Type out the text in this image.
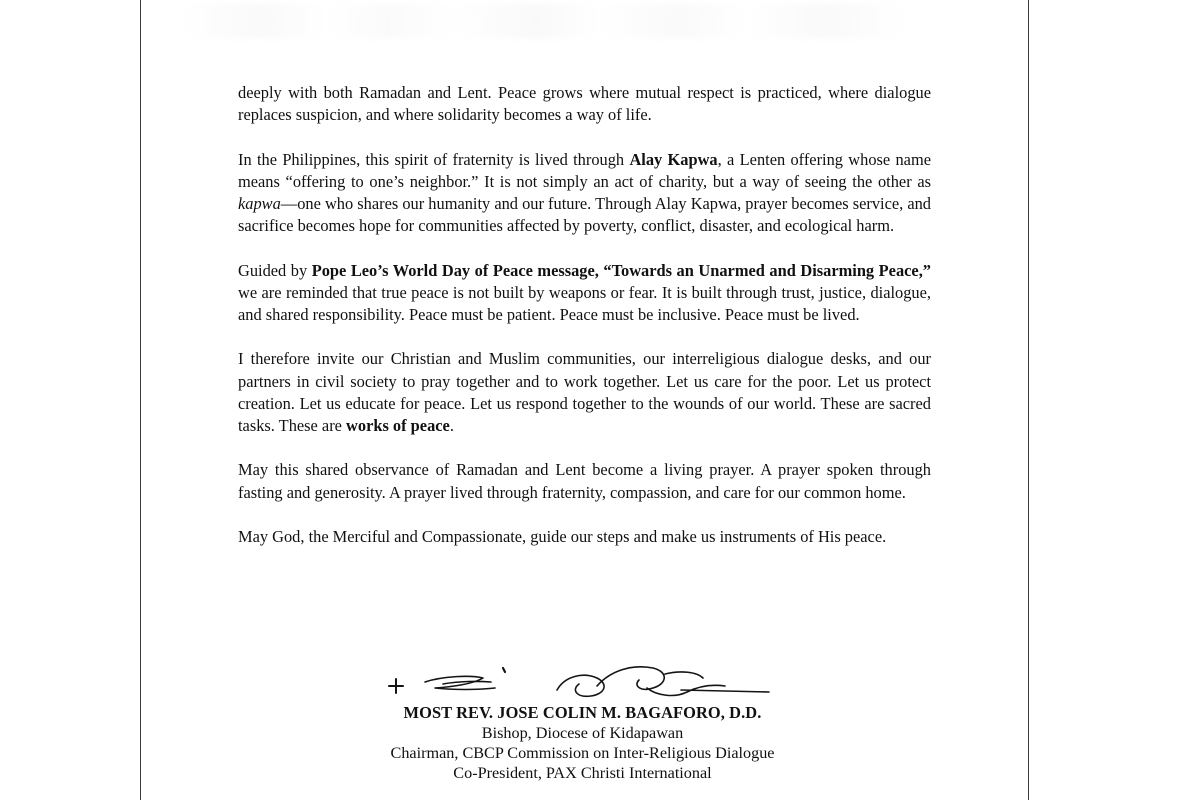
deeply with both Ramadan and Lent. Peace grows where mutual respect is practiced, where dialogue replaces suspicion, and where solidarity becomes a way of life.

In the Philippines, this spirit of fraternity is lived through Alay Kapwa, a Lenten offering whose name means “offering to one’s neighbor.” It is not simply an act of charity, but a way of seeing the other as kapwa—one who shares our humanity and our future. Through Alay Kapwa, prayer becomes service, and sacrifice becomes hope for communities affected by poverty, conflict, disaster, and ecological harm.

Guided by Pope Leo’s World Day of Peace message, “Towards an Unarmed and Disarming Peace,” we are reminded that true peace is not built by weapons or fear. It is built through trust, justice, dialogue, and shared responsibility. Peace must be patient. Peace must be inclusive. Peace must be lived.

I therefore invite our Christian and Muslim communities, our interreligious dialogue desks, and our partners in civil society to pray together and to work together. Let us care for the poor. Let us protect creation. Let us educate for peace. Let us respond together to the wounds of our world. These are sacred tasks. These are works of peace.

May this shared observance of Ramadan and Lent become a living prayer. A prayer spoken through fasting and generosity. A prayer lived through fraternity, compassion, and care for our common home.

May God, the Merciful and Compassionate, guide our steps and make us instruments of His peace.

MOST REV. JOSE COLIN M. BAGAFORO, D.D.
Bishop, Diocese of Kidapawan
Chairman, CBCP Commission on Inter-Religious Dialogue
Co-President, PAX Christi International
